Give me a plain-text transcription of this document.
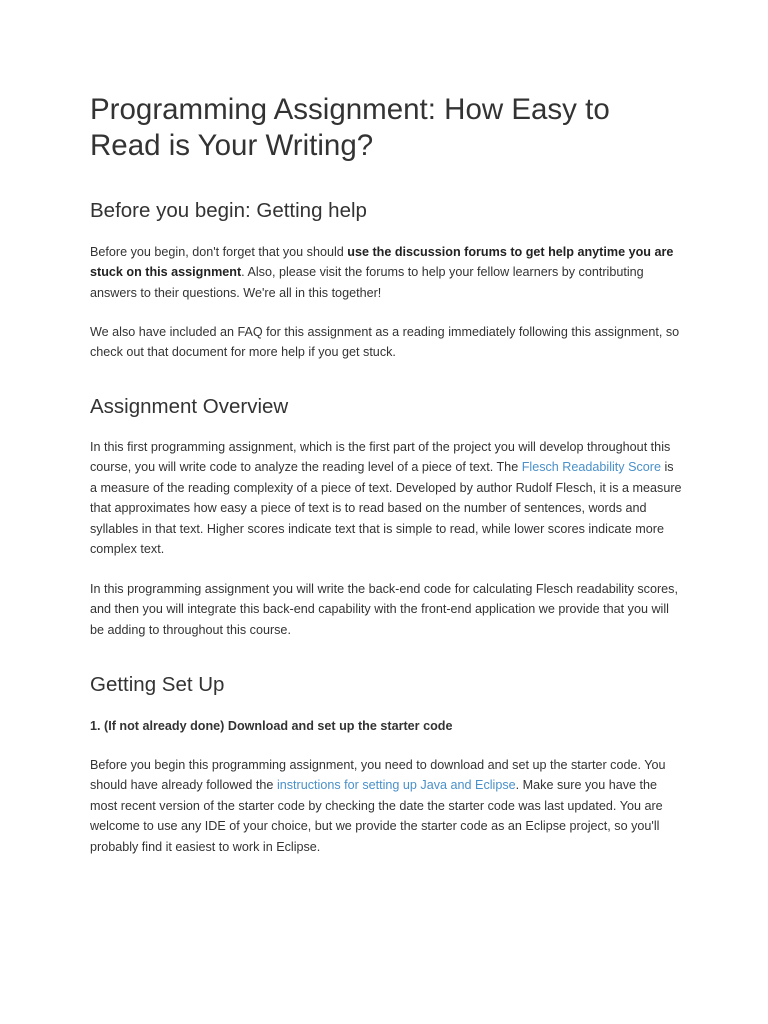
Programming Assignment: How Easy to Read is Your Writing?
Before you begin: Getting help

Before you begin, don't forget that you should use the discussion forums to get help anytime you are stuck on this assignment. Also, please visit the forums to help your fellow learners by contributing answers to their questions. We're all in this together!

We also have included an FAQ for this assignment as a reading immediately following this assignment, so check out that document for more help if you get stuck.

Assignment Overview

In this first programming assignment, which is the first part of the project you will develop throughout this course, you will write code to analyze the reading level of a piece of text. The Flesch Readability Score is a measure of the reading complexity of a piece of text. Developed by author Rudolf Flesch, it is a measure that approximates how easy a piece of text is to read based on the number of sentences, words and syllables in that text. Higher scores indicate text that is simple to read, while lower scores indicate more complex text.

In this programming assignment you will write the back-end code for calculating Flesch readability scores, and then you will integrate this back-end capability with the front-end application we provide that you will be adding to throughout this course.

Getting Set Up

1. (If not already done) Download and set up the starter code

Before you begin this programming assignment, you need to download and set up the starter code. You should have already followed the instructions for setting up Java and Eclipse. Make sure you have the most recent version of the starter code by checking the date the starter code was last updated. You are welcome to use any IDE of your choice, but we provide the starter code as an Eclipse project, so you'll probably find it easiest to work in Eclipse.
